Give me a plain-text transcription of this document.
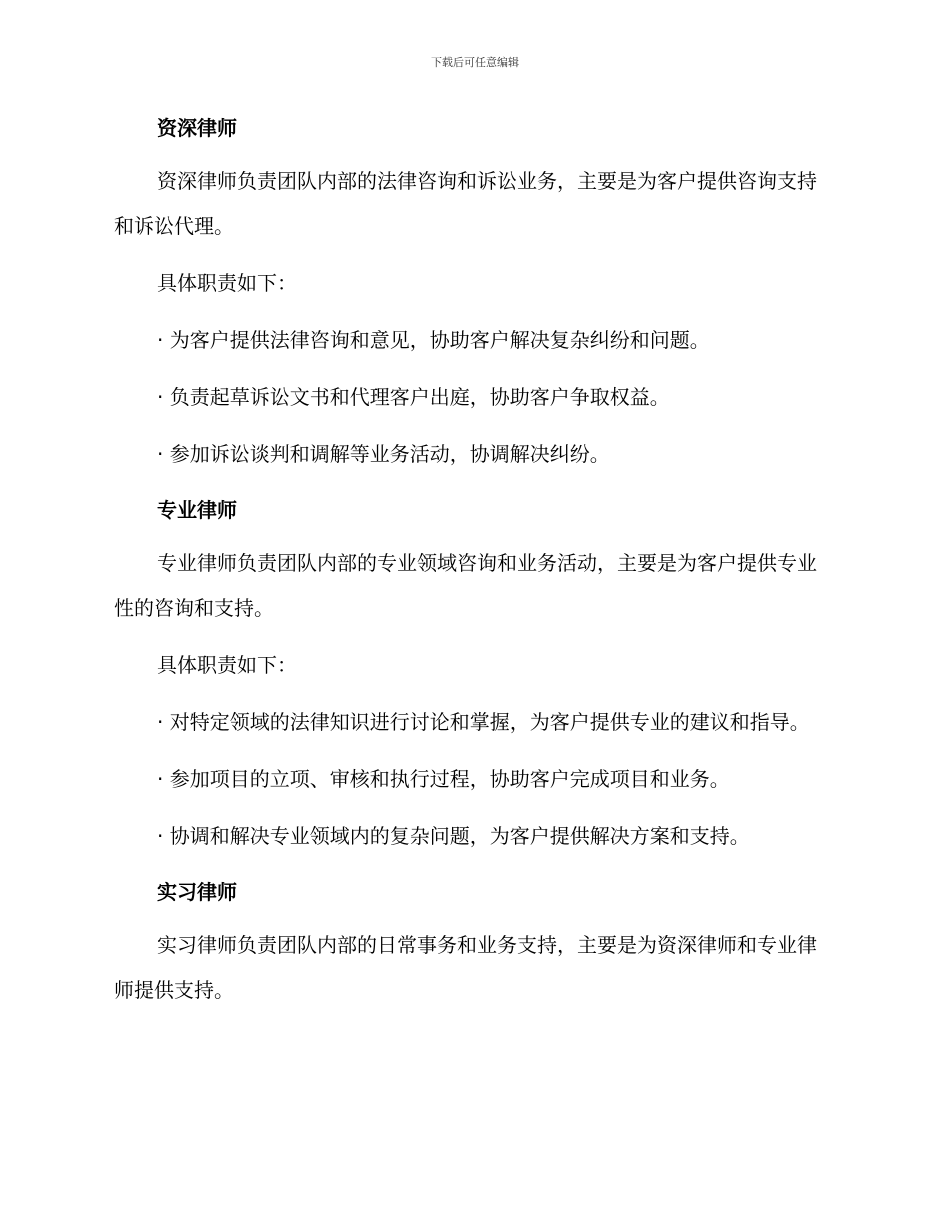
下载后可任意编辑

资深律师

资深律师负责团队内部的法律咨询和诉讼业务，主要是为客户提供咨询支持和诉讼代理。

具体职责如下：

· 为客户提供法律咨询和意见，协助客户解决复杂纠纷和问题。

· 负责起草诉讼文书和代理客户出庭，协助客户争取权益。

· 参加诉讼谈判和调解等业务活动，协调解决纠纷。

专业律师

专业律师负责团队内部的专业领域咨询和业务活动，主要是为客户提供专业性的咨询和支持。

具体职责如下：

· 对特定领域的法律知识进行讨论和掌握，为客户提供专业的建议和指导。

· 参加项目的立项、审核和执行过程，协助客户完成项目和业务。

· 协调和解决专业领域内的复杂问题，为客户提供解决方案和支持。

实习律师

实习律师负责团队内部的日常事务和业务支持，主要是为资深律师和专业律师提供支持。
